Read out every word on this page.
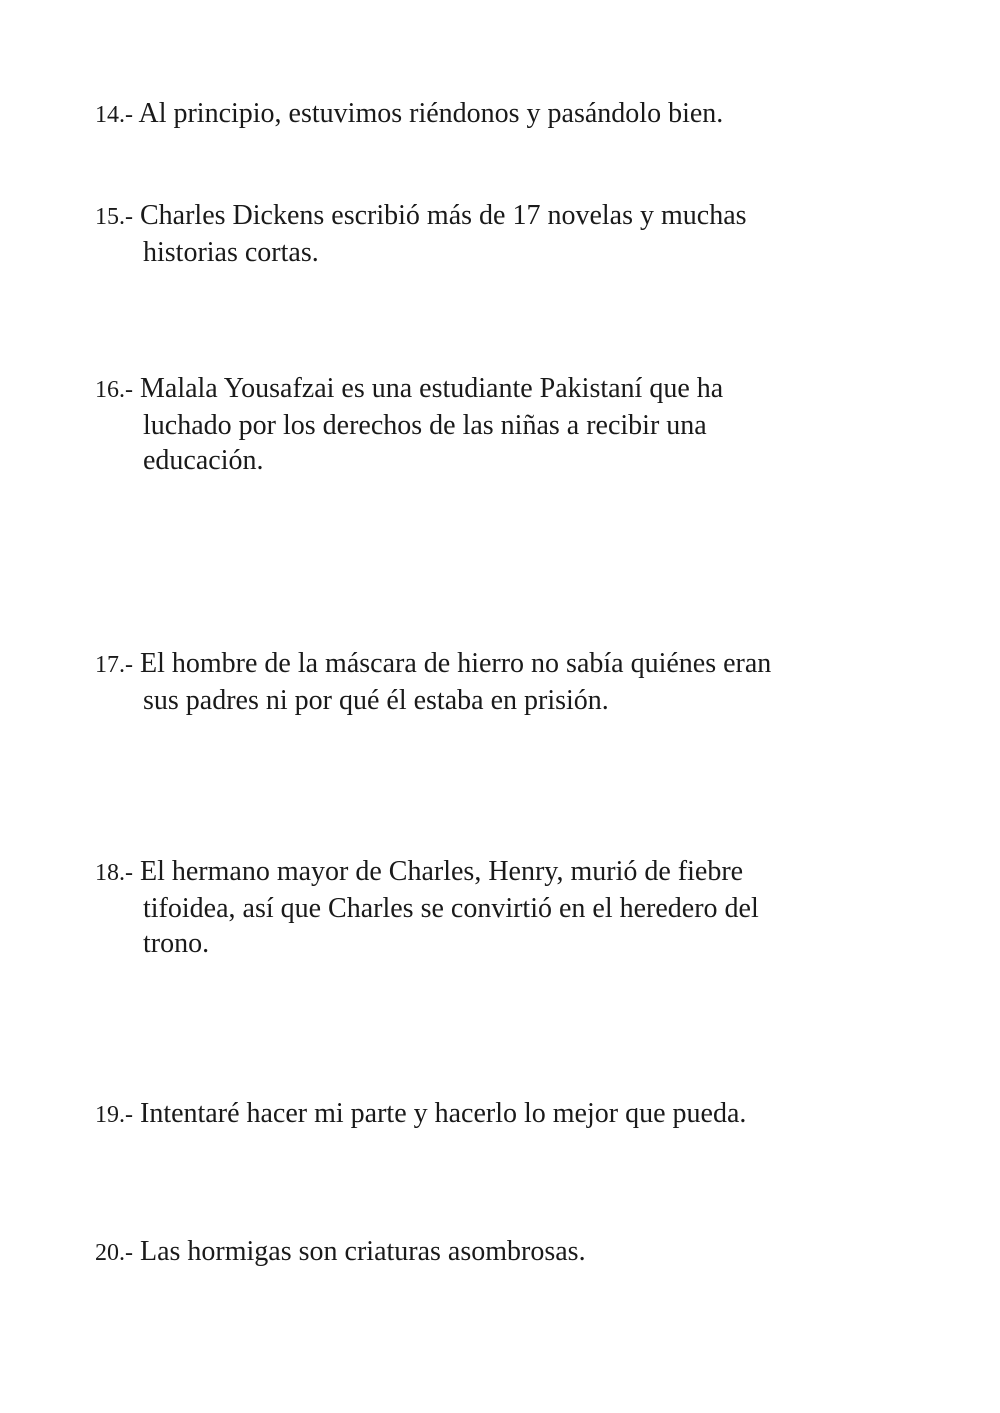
14.- Al principio, estuvimos riéndonos y pasándolo bien.
15.- Charles Dickens escribió más de 17 novelas y muchas
historias cortas.
16.- Malala Yousafzai es una estudiante Pakistaní que ha
luchado por los derechos de las niñas a recibir una
educación.
17.- El hombre de la máscara de hierro no sabía quiénes eran
sus padres ni por qué él estaba en prisión.
18.- El hermano mayor de Charles, Henry, murió de fiebre
tifoidea, así que Charles se convirtió en el heredero del
trono.
19.- Intentaré hacer mi parte y hacerlo lo mejor que pueda.
20.- Las hormigas son criaturas asombrosas.
